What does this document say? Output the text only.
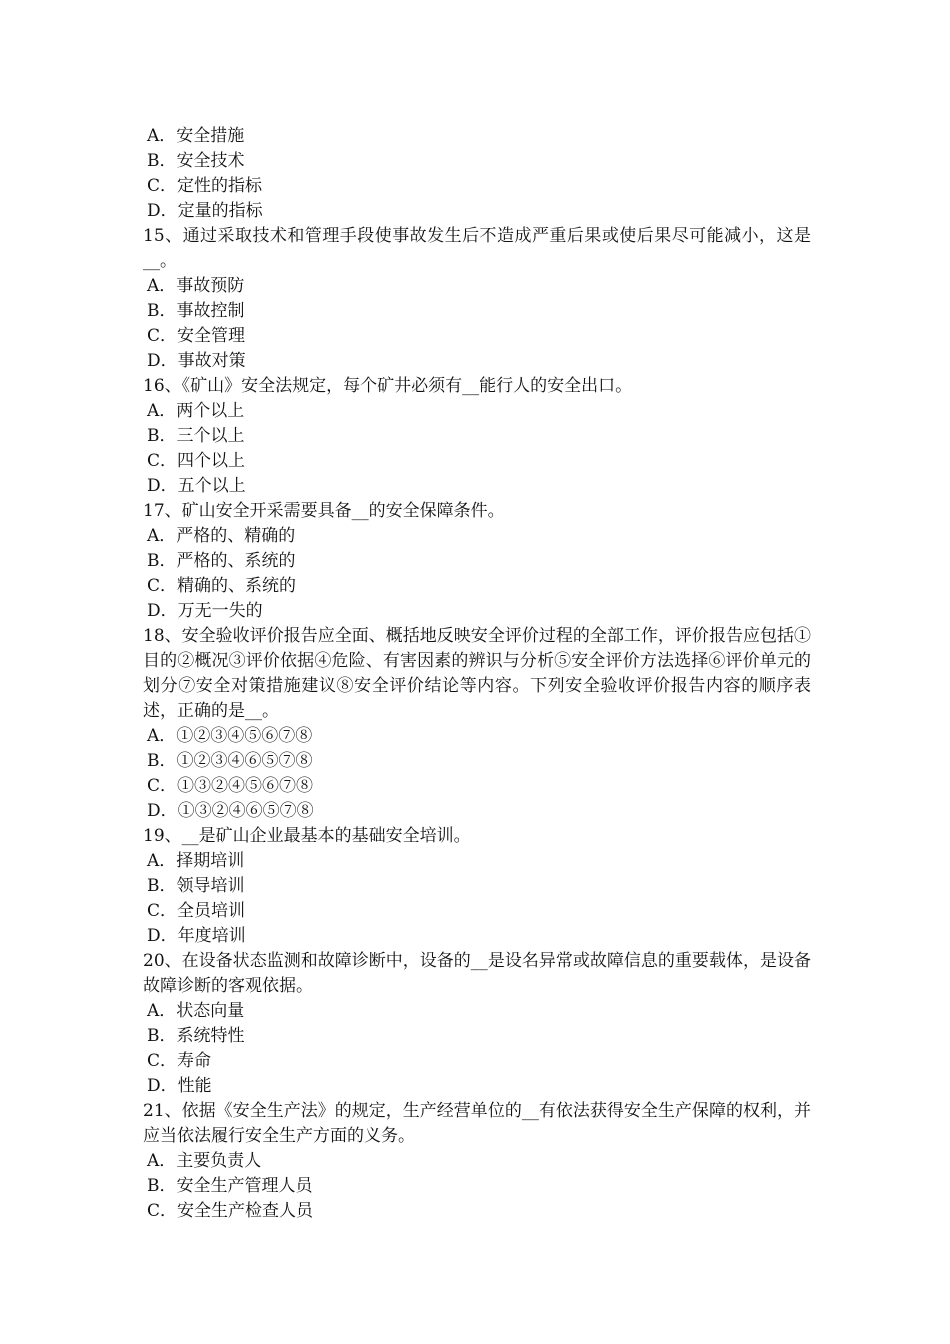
A．安全措施
B．安全技术
C．定性的指标
D．定量的指标
15、通过采取技术和管理手段使事故发生后不造成严重后果或使后果尽可能减小，这是__。
A．事故预防
B．事故控制
C．安全管理
D．事故对策
16、《矿山》安全法规定，每个矿井必须有__能行人的安全出口。
A．两个以上
B．三个以上
C．四个以上
D．五个以上
17、矿山安全开采需要具备__的安全保障条件。
A．严格的、精确的
B．严格的、系统的
C．精确的、系统的
D．万无一失的
18、安全验收评价报告应全面、概括地反映安全评价过程的全部工作，评价报告应包括①目的②概况③评价依据④危险、有害因素的辨识与分析⑤安全评价方法选择⑥评价单元的划分⑦安全对策措施建议⑧安全评价结论等内容。下列安全验收评价报告内容的顺序表述，正确的是__。
A．①②③④⑤⑥⑦⑧
B．①②③④⑥⑤⑦⑧
C．①③②④⑤⑥⑦⑧
D．①③②④⑥⑤⑦⑧
19、__是矿山企业最基本的基础安全培训。
A．择期培训
B．领导培训
C．全员培训
D．年度培训
20、在设备状态监测和故障诊断中，设备的__是设名异常或故障信息的重要载体，是设备故障诊断的客观依据。
A．状态向量
B．系统特性
C．寿命
D．性能
21、依据《安全生产法》的规定，生产经营单位的__有依法获得安全生产保障的权利，并应当依法履行安全生产方面的义务。
A．主要负责人
B．安全生产管理人员
C．安全生产检查人员
